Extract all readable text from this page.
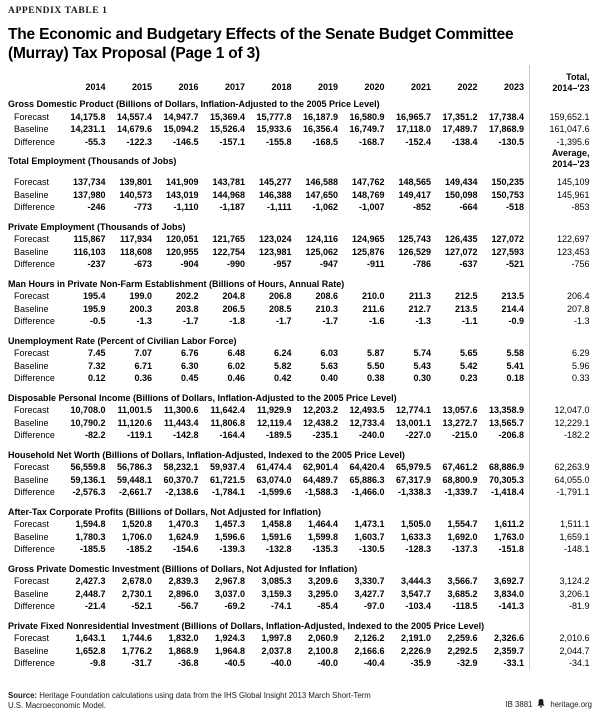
APPENDIX TABLE 1
The Economic and Budgetary Effects of the Senate Budget Committee
(Murray) Tax Proposal (Page 1 of 3)
2014	2015	2016	2017	2018	2019	2020	2021	2022	2023
Total,
2014–'23
Gross Domestic Product (Billions of Dollars, Inflation-Adjusted to the 2005 Price Level)
Forecast	14,175.8	14,557.4	14,947.7	15,369.4	15,777.8	16,187.9	16,580.9	16,965.7	17,351.2	17,738.4	159,652.1
Baseline	14,231.1	14,679.6	15,094.2	15,526.4	15,933.6	16,356.4	16,749.7	17,118.0	17,489.7	17,868.9	161,047.6
Difference	-55.3	-122.3	-146.5	-157.1	-155.8	-168.5	-168.7	-152.4	-138.4	-130.5	-1,395.6
Total Employment (Thousands of Jobs)
Average,
2014–'23
Forecast	137,734	139,801	141,909	143,781	145,277	146,588	147,762	148,565	149,434	150,235	145,109
Baseline	137,980	140,573	143,019	144,968	146,388	147,650	148,769	149,417	150,098	150,753	145,961
Difference	-246	-773	-1,110	-1,187	-1,111	-1,062	-1,007	-852	-664	-518	-853
Private Employment (Thousands of Jobs)
Forecast	115,867	117,934	120,051	121,765	123,024	124,116	124,965	125,743	126,435	127,072	122,697
Baseline	116,103	118,608	120,955	122,754	123,981	125,062	125,876	126,529	127,072	127,593	123,453
Difference	-237	-673	-904	-990	-957	-947	-911	-786	-637	-521	-756
Man Hours in Private Non-Farm Establishment (Billions of Hours, Annual Rate)
Forecast	195.4	199.0	202.2	204.8	206.8	208.6	210.0	211.3	212.5	213.5	206.4
Baseline	195.9	200.3	203.8	206.5	208.5	210.3	211.6	212.7	213.5	214.4	207.8
Difference	-0.5	-1.3	-1.7	-1.8	-1.7	-1.7	-1.6	-1.3	-1.1	-0.9	-1.3
Unemployment Rate (Percent of Civilian Labor Force)
Forecast	7.45	7.07	6.76	6.48	6.24	6.03	5.87	5.74	5.65	5.58	6.29
Baseline	7.32	6.71	6.30	6.02	5.82	5.63	5.50	5.43	5.42	5.41	5.96
Difference	0.12	0.36	0.45	0.46	0.42	0.40	0.38	0.30	0.23	0.18	0.33
Disposable Personal Income (Billions of Dollars, Inflation-Adjusted to the 2005 Price Level)
Forecast	10,708.0	11,001.5	11,300.6	11,642.4	11,929.9	12,203.2	12,493.5	12,774.1	13,057.6	13,358.9	12,047.0
Baseline	10,790.2	11,120.6	11,443.4	11,806.8	12,119.4	12,438.2	12,733.4	13,001.1	13,272.7	13,565.7	12,229.1
Difference	-82.2	-119.1	-142.8	-164.4	-189.5	-235.1	-240.0	-227.0	-215.0	-206.8	-182.2
Household Net Worth (Billions of Dollars, Inflation-Adjusted, Indexed to the 2005 Price Level)
Forecast	56,559.8	56,786.3	58,232.1	59,937.4	61,474.4	62,901.4	64,420.4	65,979.5	67,461.2	68,886.9	62,263.9
Baseline	59,136.1	59,448.1	60,370.7	61,721.5	63,074.0	64,489.7	65,886.3	67,317.9	68,800.9	70,305.3	64,055.0
Difference	-2,576.3	-2,661.7	-2,138.6	-1,784.1	-1,599.6	-1,588.3	-1,466.0	-1,338.3	-1,339.7	-1,418.4	-1,791.1
After-Tax Corporate Profits (Billions of Dollars, Not Adjusted for Inflation)
Forecast	1,594.8	1,520.8	1,470.3	1,457.3	1,458.8	1,464.4	1,473.1	1,505.0	1,554.7	1,611.2	1,511.1
Baseline	1,780.3	1,706.0	1,624.9	1,596.6	1,591.6	1,599.8	1,603.7	1,633.3	1,692.0	1,763.0	1,659.1
Difference	-185.5	-185.2	-154.6	-139.3	-132.8	-135.3	-130.5	-128.3	-137.3	-151.8	-148.1
Gross Private Domestic Investment (Billions of Dollars, Not Adjusted for Inflation)
Forecast	2,427.3	2,678.0	2,839.3	2,967.8	3,085.3	3,209.6	3,330.7	3,444.3	3,566.7	3,692.7	3,124.2
Baseline	2,448.7	2,730.1	2,896.0	3,037.0	3,159.3	3,295.0	3,427.7	3,547.7	3,685.2	3,834.0	3,206.1
Difference	-21.4	-52.1	-56.7	-69.2	-74.1	-85.4	-97.0	-103.4	-118.5	-141.3	-81.9
Private Fixed Nonresidential Investment (Billions of Dollars, Inflation-Adjusted, Indexed to the 2005 Price Level)
Forecast	1,643.1	1,744.6	1,832.0	1,924.3	1,997.8	2,060.9	2,126.2	2,191.0	2,259.6	2,326.6	2,010.6
Baseline	1,652.8	1,776.2	1,868.9	1,964.8	2,037.8	2,100.8	2,166.6	2,226.9	2,292.5	2,359.7	2,044.7
Difference	-9.8	-31.7	-36.8	-40.5	-40.0	-40.0	-40.4	-35.9	-32.9	-33.1	-34.1
Source: Heritage Foundation calculations using data from the IHS Global Insight 2013 March Short-Term
U.S. Macroeconomic Model.	IB 3881 heritage.org
